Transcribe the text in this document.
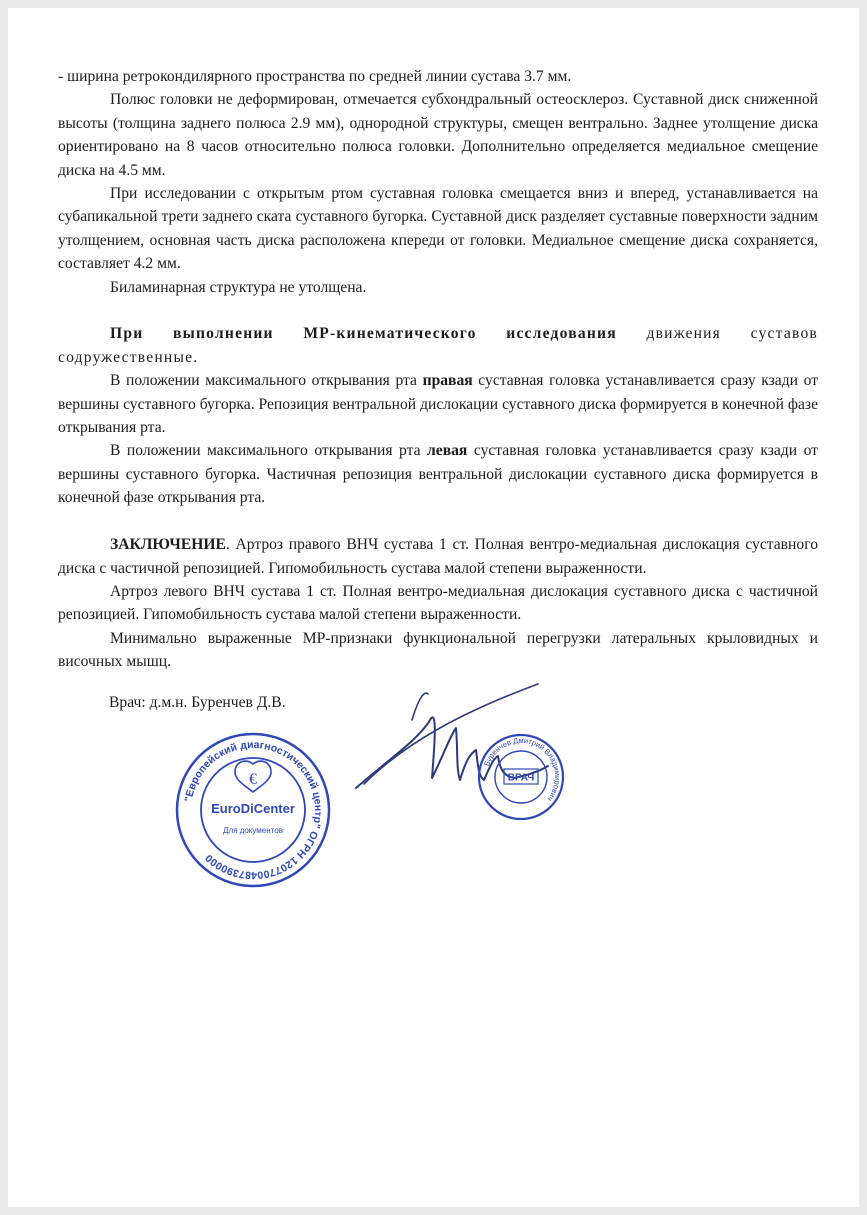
- ширина ретрокондилярного пространства по средней линии сустава 3.7 мм.

Полюс головки не деформирован, отмечается субхондральный остеосклероз. Суставной диск сниженной высоты (толщина заднего полюса 2.9 мм), однородной структуры, смещен вентрально. Заднее утолщение диска ориентировано на 8 часов относительно полюса головки. Дополнительно определяется медиальное смещение диска на 4.5 мм.

При исследовании с открытым ртом суставная головка смещается вниз и вперед, устанавливается на субапикальной трети заднего ската суставного бугорка. Суставной диск разделяет суставные поверхности задним утолщением, основная часть диска расположена кпереди от головки. Медиальное смещение диска сохраняется, составляет 4.2 мм.

Биламинарная структура не утолщена.

При выполнении МР-кинематического исследования движения суставов содружественные.

В положении максимального открывания рта правая суставная головка устанавливается сразу кзади от вершины суставного бугорка. Репозиция вентральной дислокации суставного диска формируется в конечной фазе открывания рта.

В положении максимального открывания рта левая суставная головка устанавливается сразу кзади от вершины суставного бугорка. Частичная репозиция вентральной дислокации суставного диска формируется в конечной фазе открывания рта.

ЗАКЛЮЧЕНИЕ. Артроз правого ВНЧ сустава 1 ст. Полная вентро-медиальная дислокация суставного диска с частичной репозицией. Гипомобильность сустава малой степени выраженности.

Артроз левого ВНЧ сустава 1 ст. Полная вентро-медиальная дислокация суставного диска с частичной репозицией. Гипомобильность сустава малой степени выраженности.

Минимально выраженные МР-признаки функциональной перегрузки латеральных крыловидных и височных мышц.

Врач: д.м.н. Буренчев Д.В.
"Европейский диагностический центр" ОГРН 1207700487390000
€
EuroDiCenter
Для документов
Буренчев Дмитрий Владимирович
ВРАЧ
